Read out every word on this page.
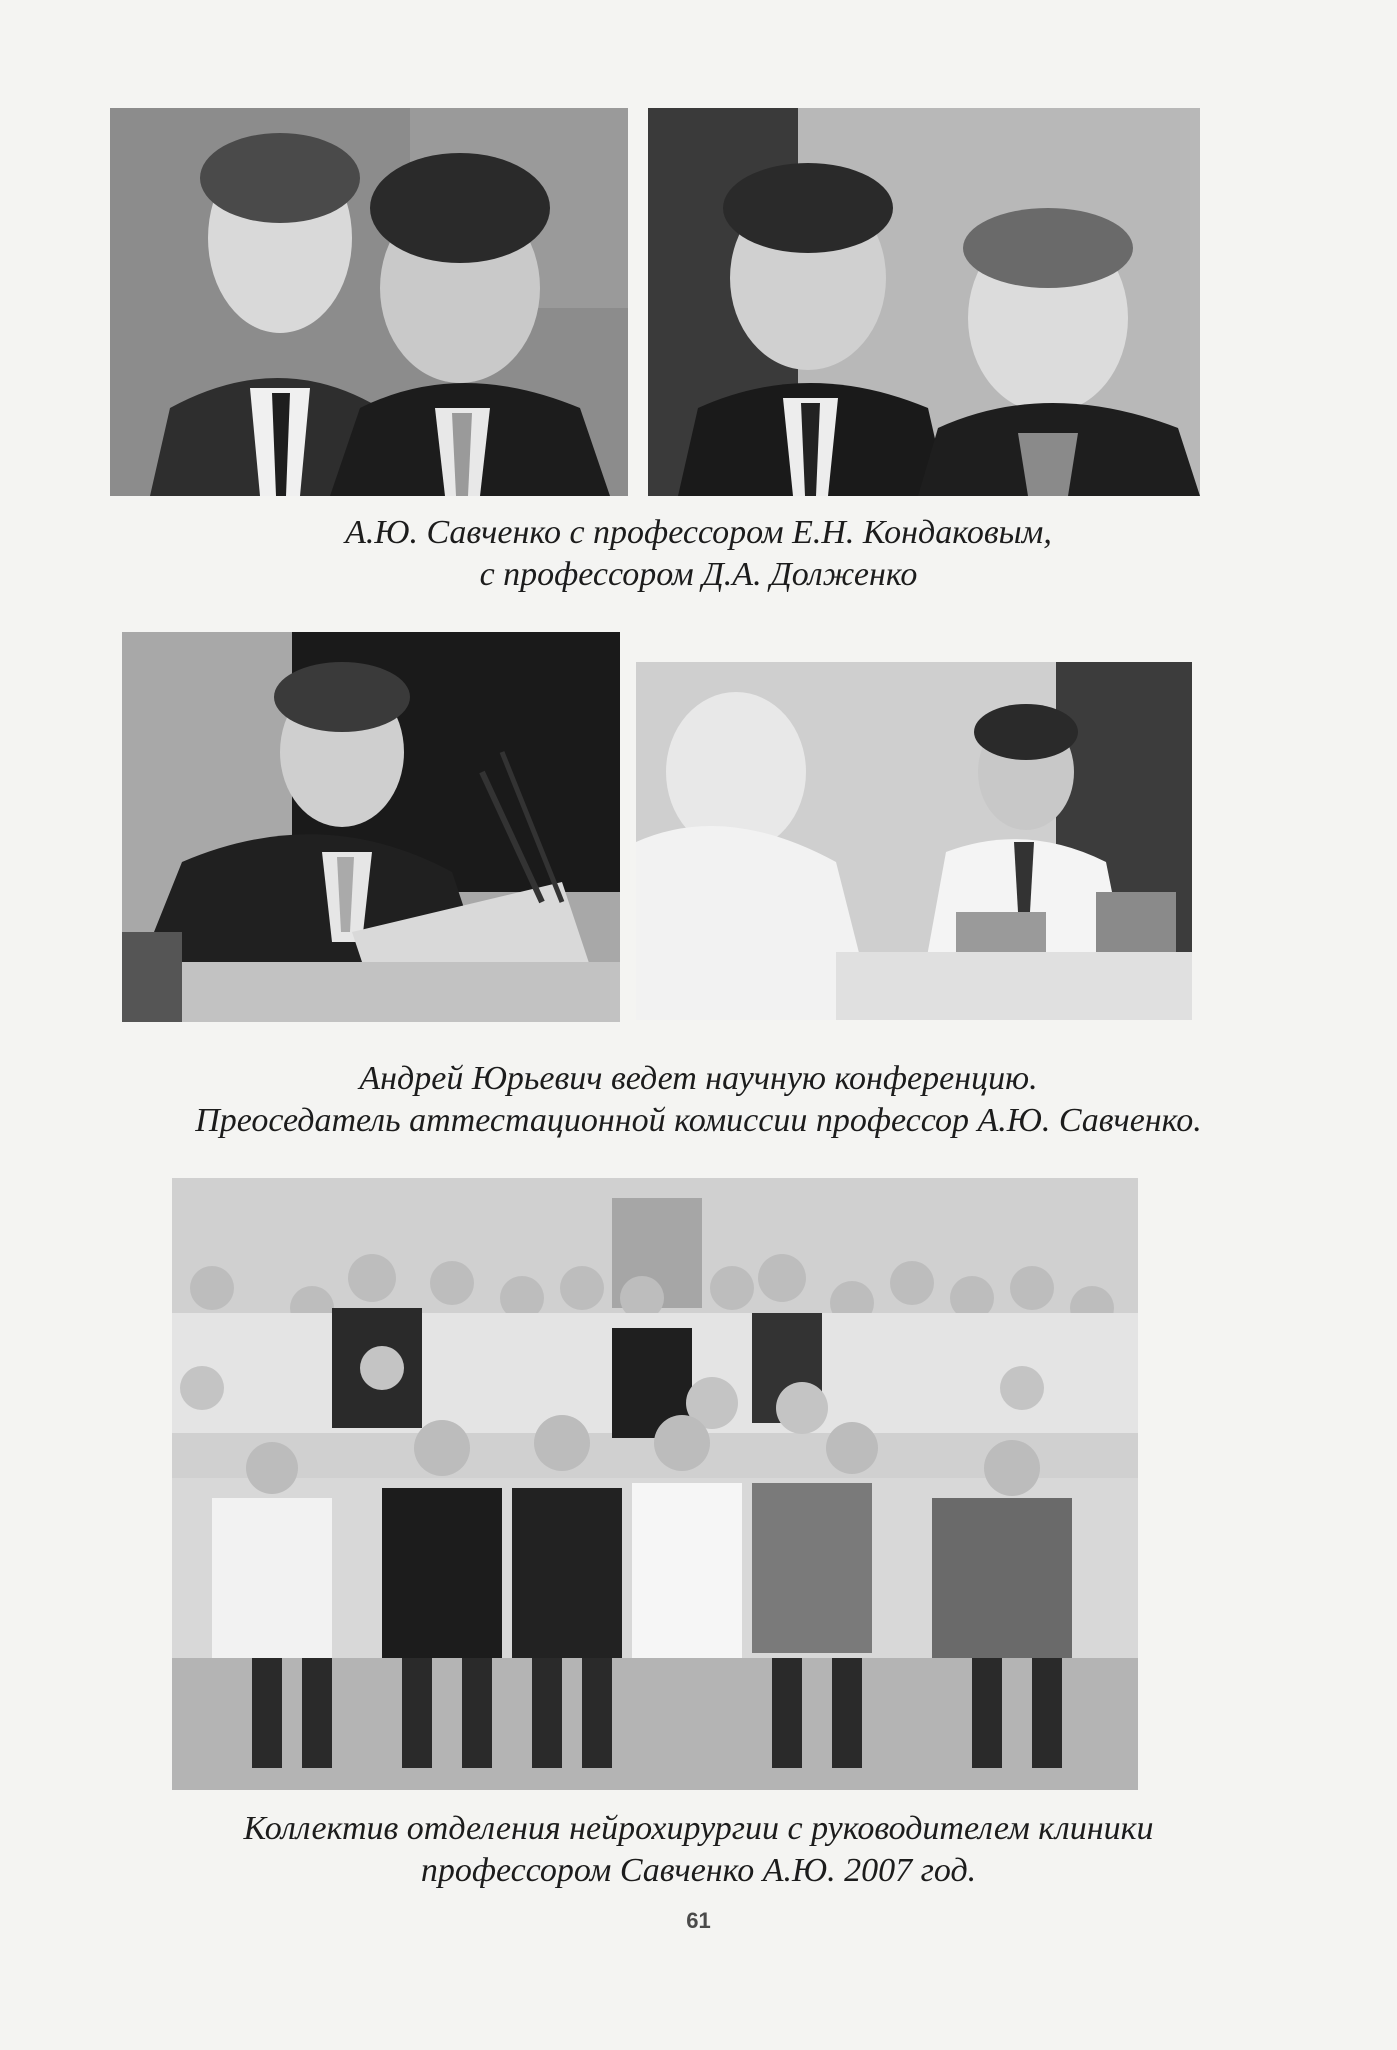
А.Ю. Савченко с профессором Е.Н. Кондаковым,
с профессором Д.А. Долженко
Андрей Юрьевич ведет научную конференцию.
Преоседатель аттестационной комиссии профессор А.Ю. Савченко.
Коллектив отделения нейрохирургии с руководителем клиники
профессором Савченко А.Ю. 2007 год.
61
